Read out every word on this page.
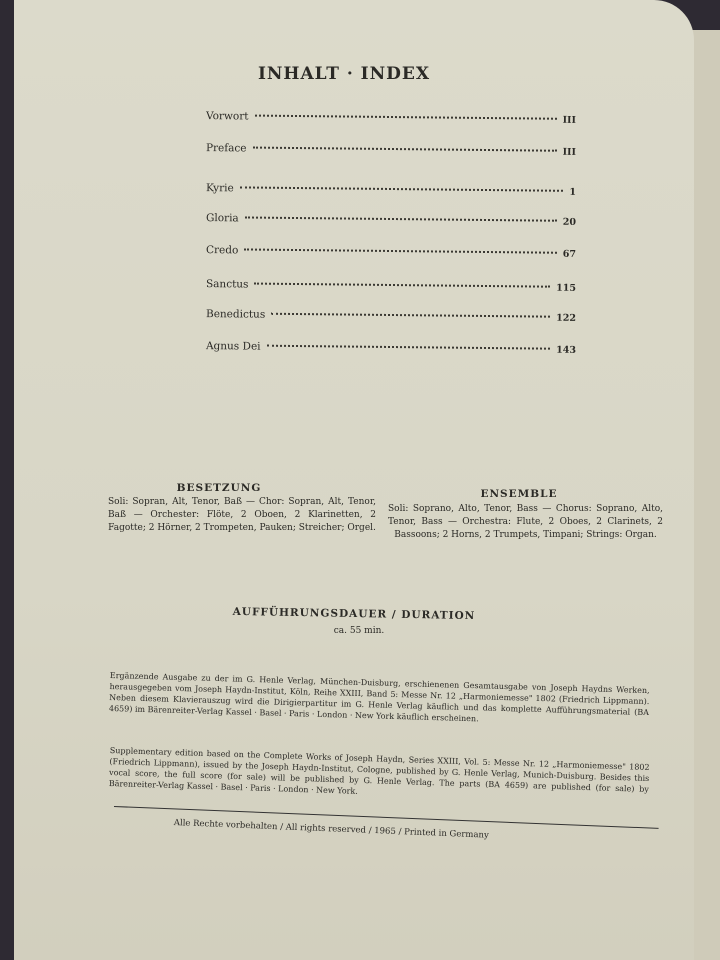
INHALT · INDEX
Vorwort	III
Preface	III
Kyrie	1
Gloria	20
Credo	67
Sanctus	115
Benedictus	122
Agnus Dei	143
BESETZUNG
Soli: Sopran, Alt, Tenor, Baß — Chor: Sopran, Alt, Tenor, Baß — Orchester: Flöte, 2 Oboen, 2 Klarinetten, 2 Fagotte; 2 Hörner, 2 Trompeten, Pauken; Streicher; Orgel.
ENSEMBLE
Soli: Soprano, Alto, Tenor, Bass — Chorus: Soprano, Alto, Tenor, Bass — Orchestra: Flute, 2 Oboes, 2 Clarinets, 2 Bassoons; 2 Horns, 2 Trumpets, Timpani; Strings: Organ.
AUFFÜHRUNGSDAUER / DURATION
ca. 55 min.
Ergänzende Ausgabe zu der im G. Henle Verlag, München-Duisburg, erschienenen Gesamtausgabe von Joseph Haydns Werken, herausgegeben vom Joseph Haydn-Institut, Köln, Reihe XXIII, Band 5: Messe Nr. 12 „Harmoniemesse" 1802 (Friedrich Lippmann). Neben diesem Klavierauszug wird die Dirigierpartitur im G. Henle Verlag käuflich und das komplette Aufführungsmaterial (BA 4659) im Bärenreiter-Verlag Kassel · Basel · Paris · London · New York käuflich erscheinen.
Supplementary edition based on the Complete Works of Joseph Haydn, Series XXIII, Vol. 5: Messe Nr. 12 „Harmoniemesse" 1802 (Friedrich Lippmann), issued by the Joseph Haydn-Institut, Cologne, published by G. Henle Verlag, Munich-Duisburg. Besides this vocal score, the full score (for sale) will be published by G. Henle Verlag. The parts (BA 4659) are published (for sale) by Bärenreiter-Verlag Kassel · Basel · Paris · London · New York.
Alle Rechte vorbehalten / All rights reserved / 1965 / Printed in Germany
